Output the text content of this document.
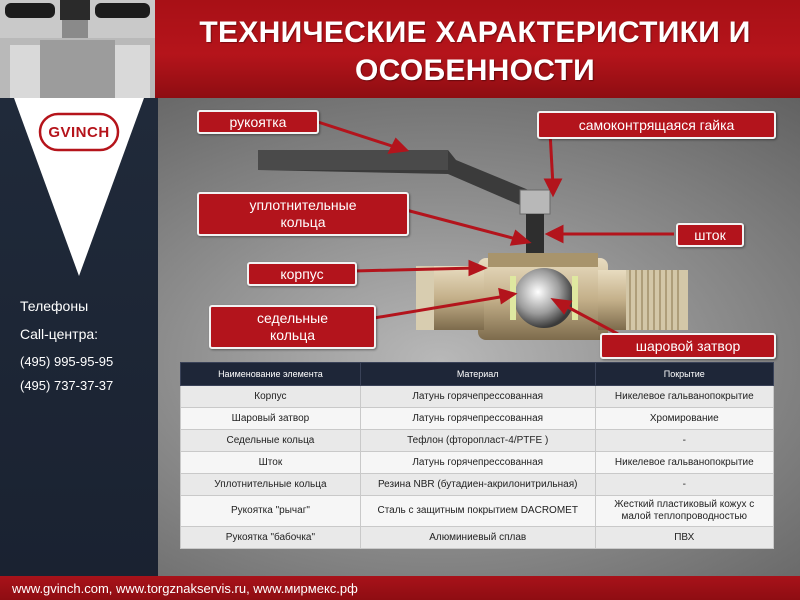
ТЕХНИЧЕСКИЕ ХАРАКТЕРИСТИКИ И
ОСОБЕННОСТИ
GVINCH
Телефоны
Call-центра:
(495) 995-95-95
(495) 737-37-37
рукоятка	самоконтрящаяся гайка
уплотнительные
кольца
шток
корпус
седельные
кольца
шаровой затвор
Наименование элемента	Материал	Покрытие
Корпус	Латунь горячепрессованная	Никелевое гальванопокрытие
Шаровый затвор	Латунь горячепрессованная	Хромирование
Седельные кольца	Тефлон (фторопласт-4/PTFE )	-
Шток	Латунь горячепрессованная	Никелевое гальванопокрытие
Уплотнительные кольца	Резина NBR (бутадиен-акрилонитрильная)	-
Рукоятка "рычаг"	Сталь с защитным покрытием DACROMET	Жесткий пластиковый кожух с малой теплопроводностью
Рукоятка "бабочка"	Алюминиевый сплав	ПВХ
www.gvinch.com, www.torgznakservis.ru, www.мирмекс.рф
